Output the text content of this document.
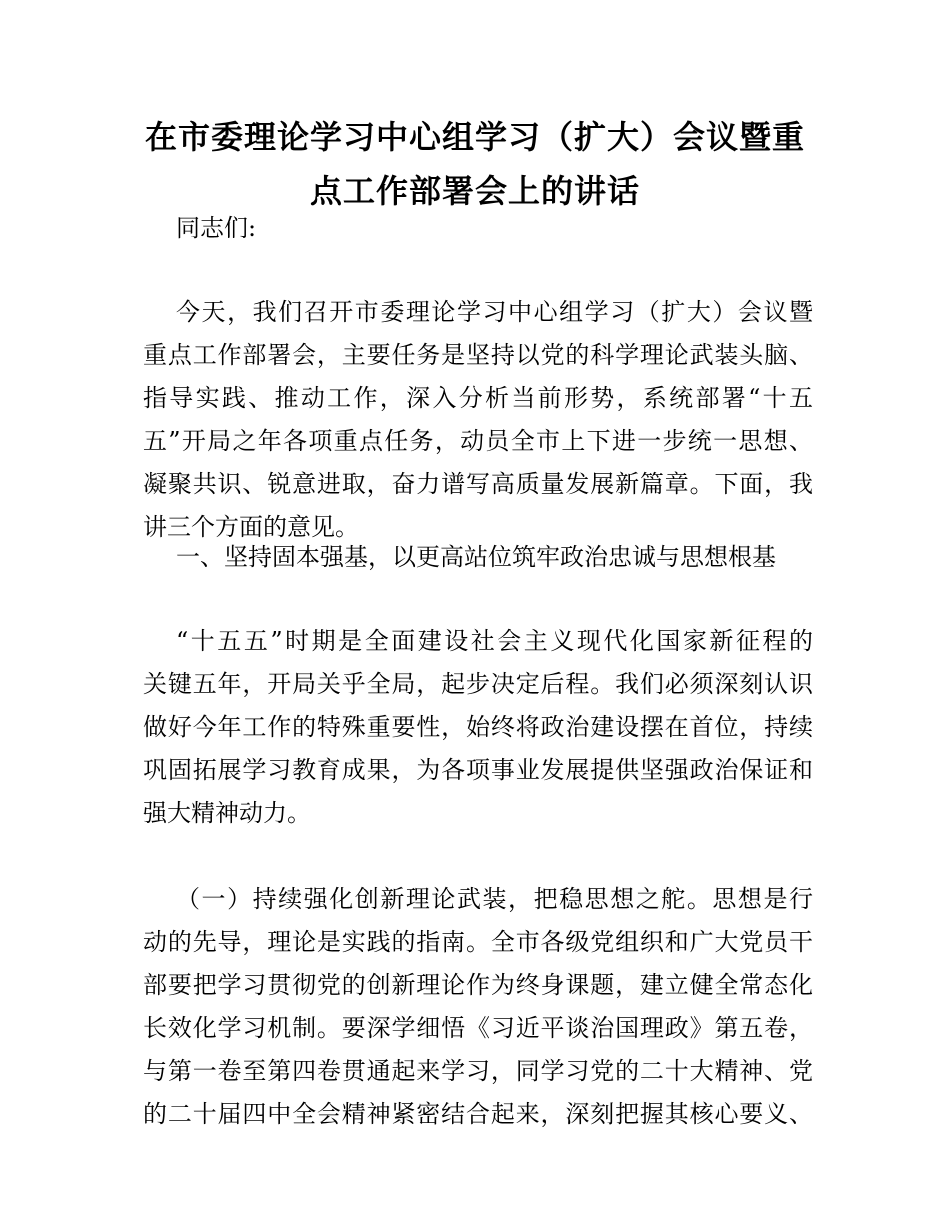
在市委理论学习中心组学习（扩大）会议暨重
点工作部署会上的讲话
同志们:
今天，我们召开市委理论学习中心组学习（扩大）会议暨
重点工作部署会，主要任务是坚持以党的科学理论武装头脑、
指导实践、推动工作，深入分析当前形势，系统部署“十五
五”开局之年各项重点任务，动员全市上下进一步统一思想、
凝聚共识、锐意进取，奋力谱写高质量发展新篇章。下面，我
讲三个方面的意见。
一、坚持固本强基，以更高站位筑牢政治忠诚与思想根基
“十五五”时期是全面建设社会主义现代化国家新征程的
关键五年，开局关乎全局，起步决定后程。我们必须深刻认识
做好今年工作的特殊重要性，始终将政治建设摆在首位，持续
巩固拓展学习教育成果，为各项事业发展提供坚强政治保证和
强大精神动力。
（一）持续强化创新理论武装，把稳思想之舵。思想是行
动的先导，理论是实践的指南。全市各级党组织和广大党员干
部要把学习贯彻党的创新理论作为终身课题，建立健全常态化
长效化学习机制。要深学细悟《习近平谈治国理政》第五卷，
与第一卷至第四卷贯通起来学习，同学习党的二十大精神、党
的二十届四中全会精神紧密结合起来，深刻把握其核心要义、
